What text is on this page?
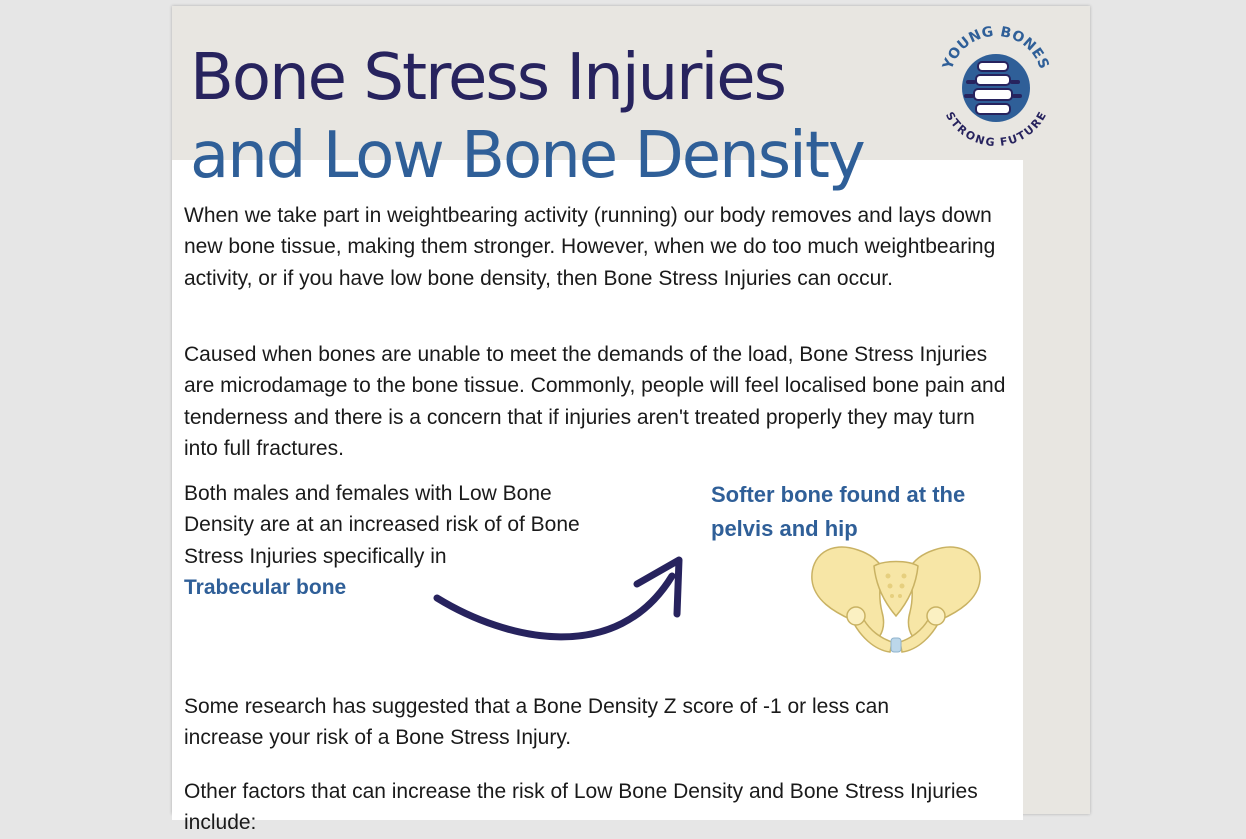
Bone Stress Injuries
and Low Bone Density
YOUNG BONES
STRONG FUTURE

When we take part in weightbearing activity (running) our body removes and lays down new bone tissue, making them stronger. However, when we do too much weightbearing activity, or if you have low bone density, then Bone Stress Injuries can occur.

Caused when bones are unable to meet the demands of the load, Bone Stress Injuries are microdamage to the bone tissue. Commonly, people will feel localised bone pain and tenderness and there is a concern that if injuries aren't treated properly they may turn into full fractures.

Both males and females with Low Bone Density are at an increased risk of of Bone Stress Injuries specifically in
Trabecular bone

Softer bone found at the pelvis and hip

Some research has suggested that a Bone Density Z score of -1 or less can increase your risk of a Bone Stress Injury.

Other factors that can increase the risk of Low Bone Density and Bone Stress Injuries include:
